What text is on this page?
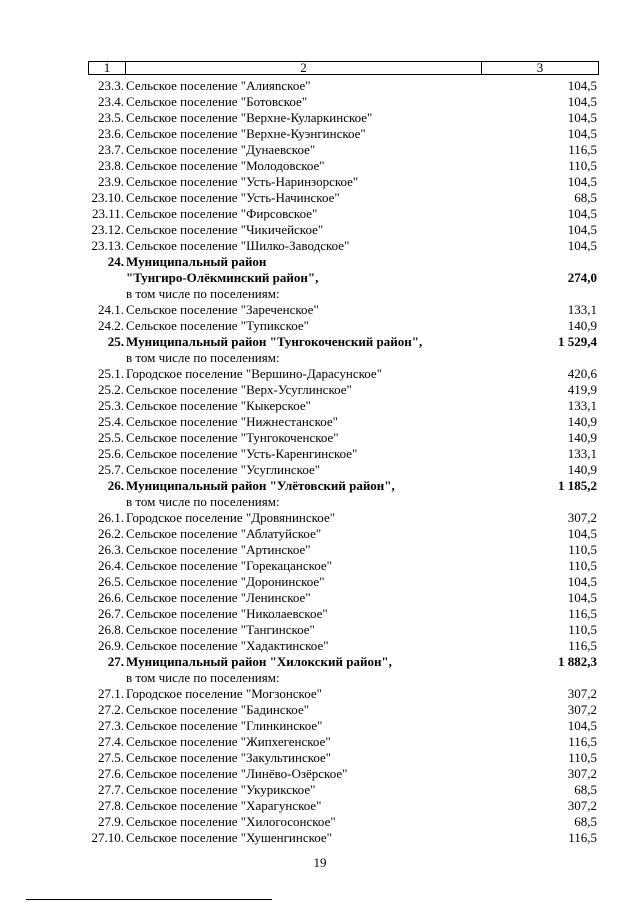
1	2	3
23.3. Сельское поселение "Алияnское"	104,5
23.4. Сельское поселение "Ботовское"	104,5
23.5. Сельское поселение "Верхне-Куларкинское"	104,5
23.6. Сельское поселение "Верхне-Куэнгинское"	104,5
23.7. Сельское поселение "Дунаевское"	116,5
23.8. Сельское поселение "Молодовское"	110,5
23.9. Сельское поселение "Усть-Наринзорское"	104,5
23.10. Сельское поселение "Усть-Начинское"	68,5
23.11. Сельское поселение "Фирсовское"	104,5
23.12. Сельское поселение "Чикичейское"	104,5
23.13. Сельское поселение "Шилко-Заводское"	104,5
24. Муниципальный район
"Тунгиро-Олёкминский район",	274,0
в том числе по поселениям:
24.1. Сельское поселение "Зареченское"	133,1
24.2. Сельское поселение "Тупикское"	140,9
25. Муниципальный район "Тунгокоченский район",	1 529,4
в том числе по поселениям:
25.1. Городское поселение "Вершино-Дарасунское"	420,6
25.2. Сельское поселение "Верх-Усуглинское"	419,9
25.3. Сельское поселение "Кыкерское"	133,1
25.4. Сельское поселение "Нижнестанское"	140,9
25.5. Сельское поселение "Тунгокоченское"	140,9
25.6. Сельское поселение "Усть-Каренгинское"	133,1
25.7. Сельское поселение "Усуглинское"	140,9
26. Муниципальный район "Улётовский район",	1 185,2
в том числе по поселениям:
26.1. Городское поселение "Дровянинское"	307,2
26.2. Сельское поселение "Аблатуйское"	104,5
26.3. Сельское поселение "Артинское"	110,5
26.4. Сельское поселение "Горекацанское"	110,5
26.5. Сельское поселение "Доронинское"	104,5
26.6. Сельское поселение "Ленинское"	104,5
26.7. Сельское поселение "Николаевское"	116,5
26.8. Сельское поселение "Тангинское"	110,5
26.9. Сельское поселение "Хадактинское"	116,5
27. Муниципальный район "Хилокский район",	1 882,3
в том числе по поселениям:
27.1. Городское поселение "Могзонское"	307,2
27.2. Сельское поселение "Бадинское"	307,2
27.3. Сельское поселение "Глинкинское"	104,5
27.4. Сельское поселение "Жипхегенское"	116,5
27.5. Сельское поселение "Закультинское"	110,5
27.6. Сельское поселение "Линёво-Озёрское"	307,2
27.7. Сельское поселение "Укурикское"	68,5
27.8. Сельское поселение "Харагунское"	307,2
27.9. Сельское поселение "Хилогосонское"	68,5
27.10. Сельское поселение "Хушенгинское"	116,5
19
